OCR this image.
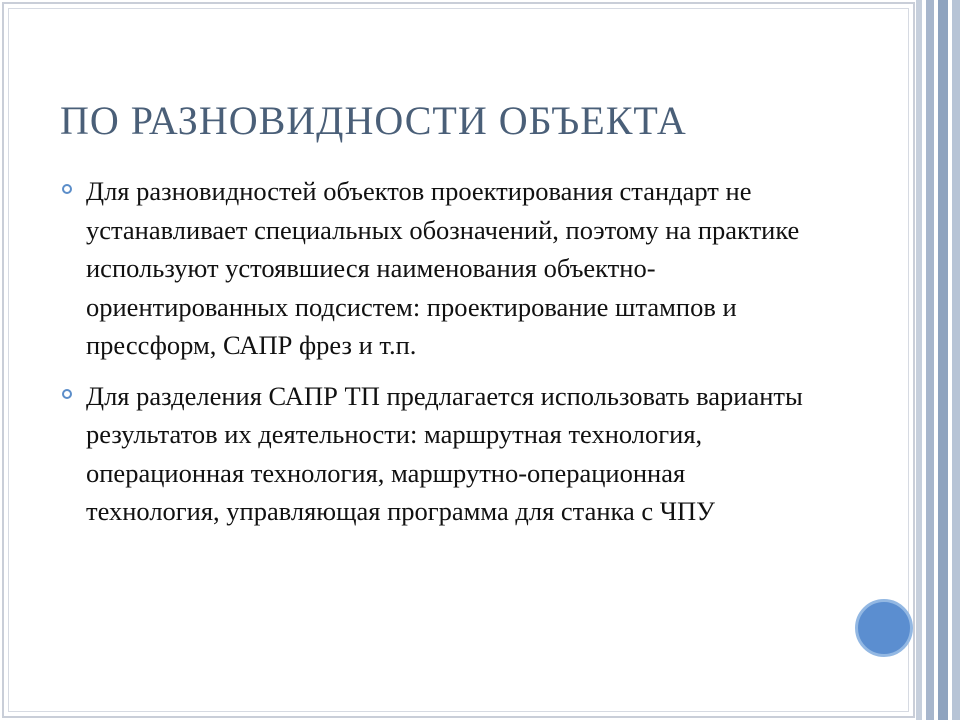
ПО РАЗНОВИДНОСТИ ОБЪЕКТА
Для разновидностей объектов проектирования стандарт не устанавливает специальных обозначений, поэтому на практике используют устоявшиеся наименования объектно-ориентированных подсистем: проектирование штампов и прессформ, САПР фрез и т.п.
Для разделения САПР ТП предлагается использовать варианты результатов их деятельности: маршрутная технология, операционная технология, маршрутно-операционная технология, управляющая программа для станка с ЧПУ
